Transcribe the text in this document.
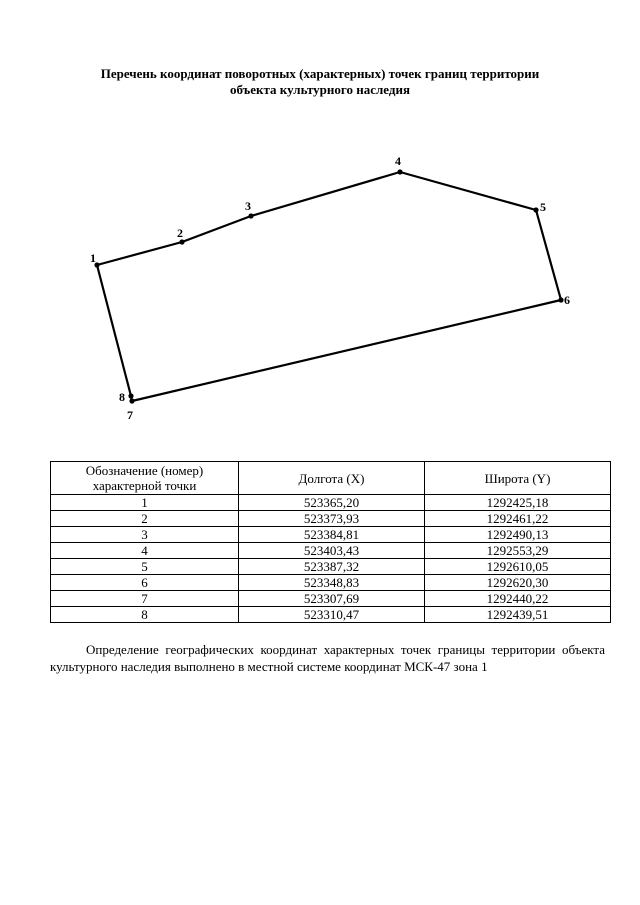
Перечень координат поворотных (характерных) точек границ территории
объекта культурного наследия
1
2
3
4
5
6
7
8
Обозначение (номер) характерной точки	Долгота (X)	Широта (Y)
1	523365,20	1292425,18
2	523373,93	1292461,22
3	523384,81	1292490,13
4	523403,43	1292553,29
5	523387,32	1292610,05
6	523348,83	1292620,30
7	523307,69	1292440,22
8	523310,47	1292439,51
Определение географических координат характерных точек границы территории объекта культурного наследия выполнено в местной системе координат МСК-47 зона 1
